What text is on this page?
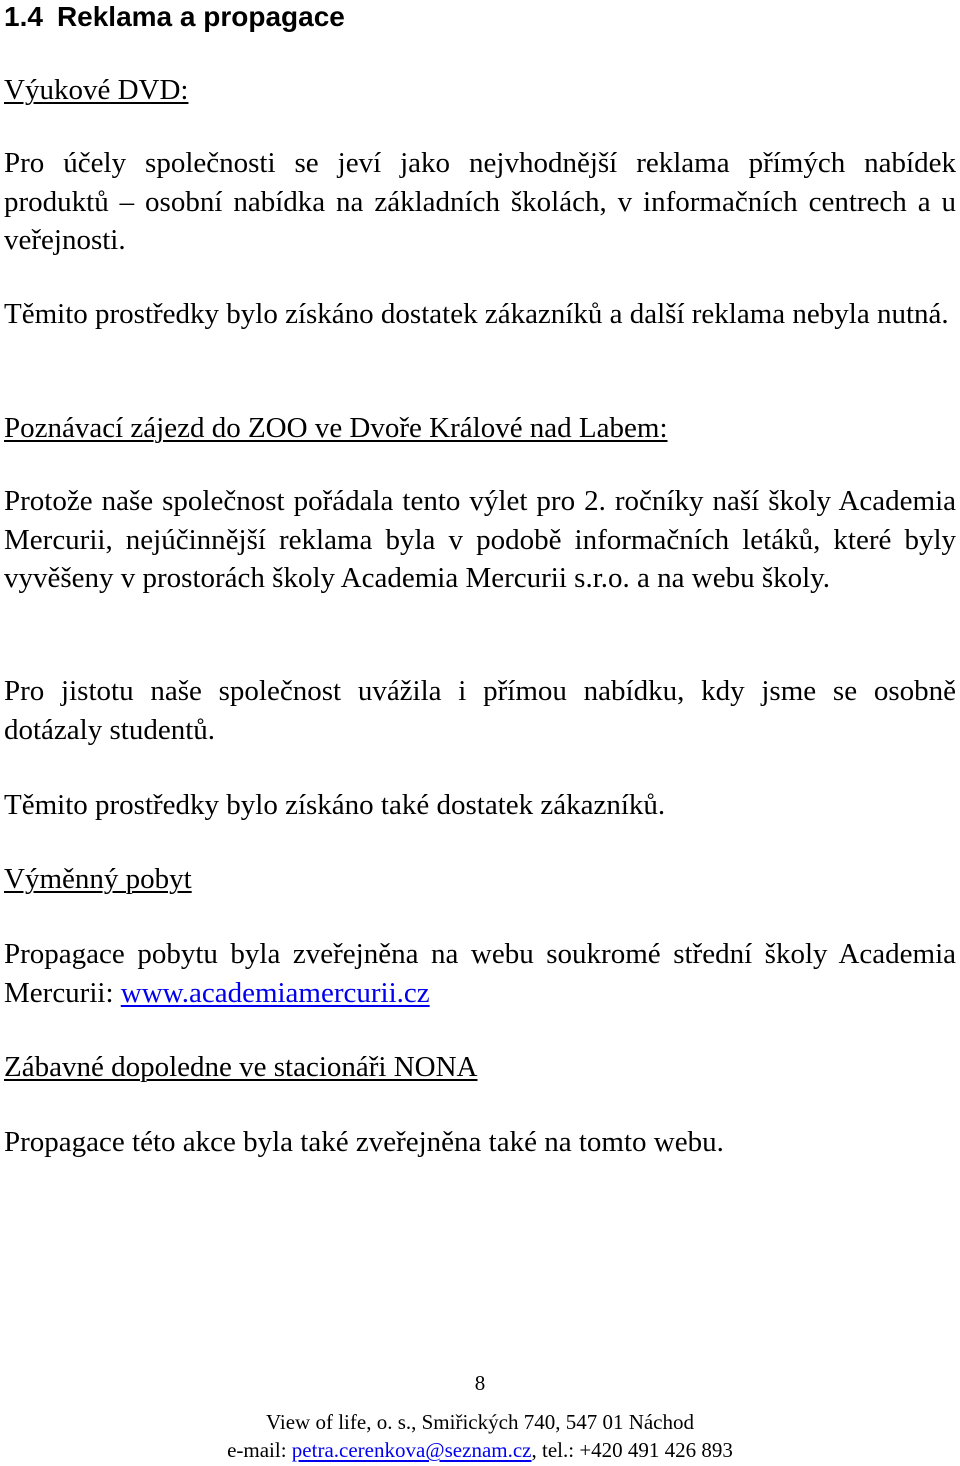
1.4 Reklama a propagace

Výukové DVD:

Pro účely společnosti se jeví jako nejvhodnější reklama přímých nabídek produktů – osobní nabídka na základních školách, v informačních centrech a u veřejnosti.

Těmito prostředky bylo získáno dostatek zákazníků a další reklama nebyla nutná.

Poznávací zájezd do ZOO ve Dvoře Králové nad Labem:

Protože naše společnost pořádala tento výlet pro 2. ročníky naší školy Academia Mercurii, nejúčinnější reklama byla v podobě informačních letáků, které byly vyvěšeny v prostorách školy Academia Mercurii s.r.o. a na webu školy.

Pro jistotu naše společnost uvážila i přímou nabídku, kdy jsme se osobně dotázaly studentů.

Těmito prostředky bylo získáno také dostatek zákazníků.

Výměnný pobyt

Propagace pobytu byla zveřejněna na webu soukromé střední školy Academia Mercurii: www.academiamercurii.cz

Zábavné dopoledne ve stacionáři NONA

Propagace této akce byla také zveřejněna také na tomto webu.

8

View of life, o. s., Smiřických 740, 547 01 Náchod

e-mail: petra.cerenkova@seznam.cz, tel.: +420 491 426 893
